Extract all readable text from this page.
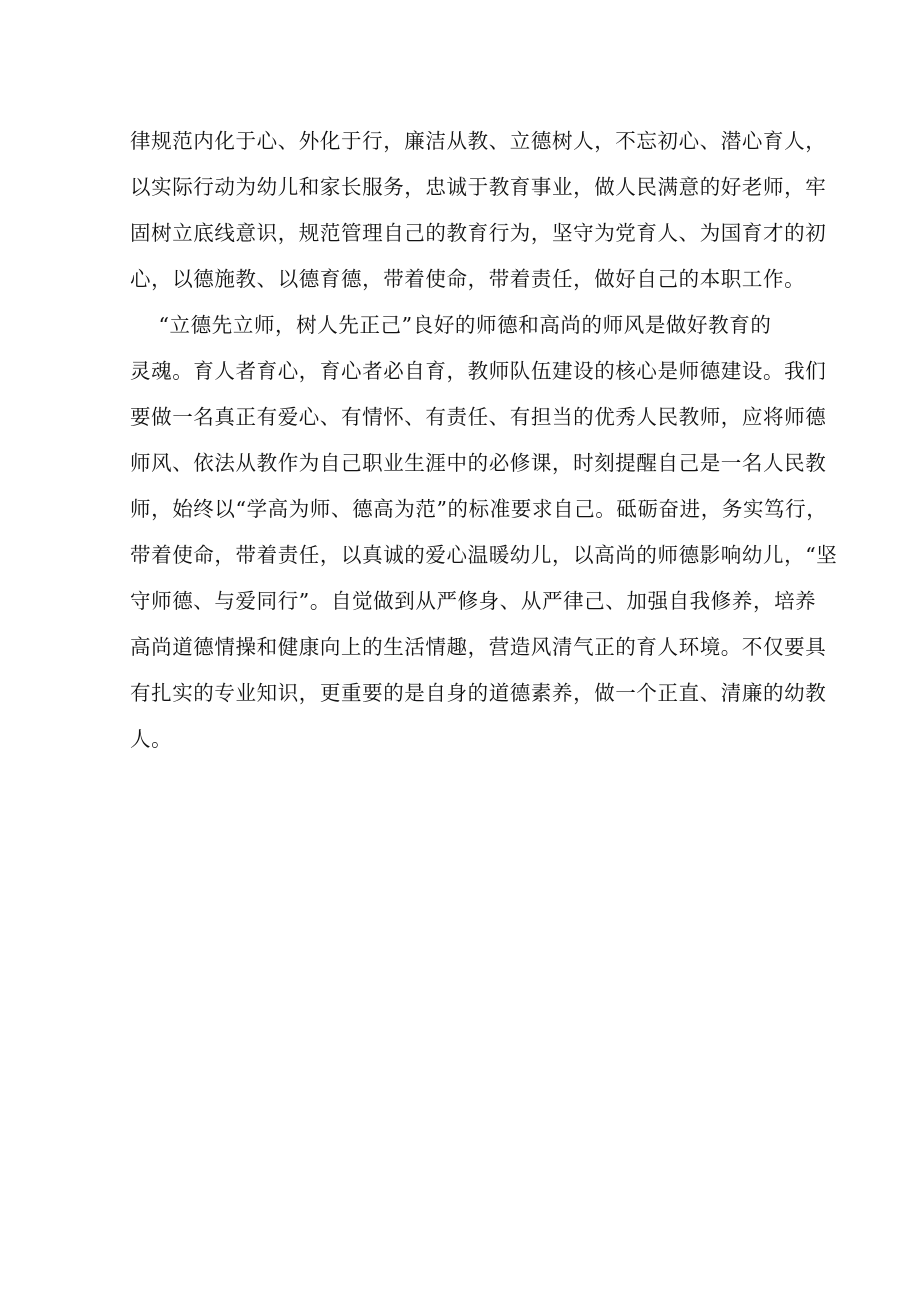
律规范内化于心、外化于行，廉洁从教、立德树人，不忘初心、潜心育人，
以实际行动为幼儿和家长服务，忠诚于教育事业，做人民满意的好老师，牢
固树立底线意识，规范管理自己的教育行为，坚守为党育人、为国育才的初
心，以德施教、以德育德，带着使命，带着责任，做好自己的本职工作。
“立德先立师，树人先正己”良好的师德和高尚的师风是做好教育的
灵魂。育人者育心，育心者必自育，教师队伍建设的核心是师德建设。我们
要做一名真正有爱心、有情怀、有责任、有担当的优秀人民教师，应将师德
师风、依法从教作为自己职业生涯中的必修课，时刻提醒自己是一名人民教
师，始终以“学高为师、德高为范”的标准要求自己。砥砺奋进，务实笃行，
带着使命，带着责任，以真诚的爱心温暖幼儿，以高尚的师德影响幼儿，“坚
守师德、与爱同行”。自觉做到从严修身、从严律己、加强自我修养，培养
高尚道德情操和健康向上的生活情趣，营造风清气正的育人环境。不仅要具
有扎实的专业知识，更重要的是自身的道德素养，做一个正直、清廉的幼教
人。
